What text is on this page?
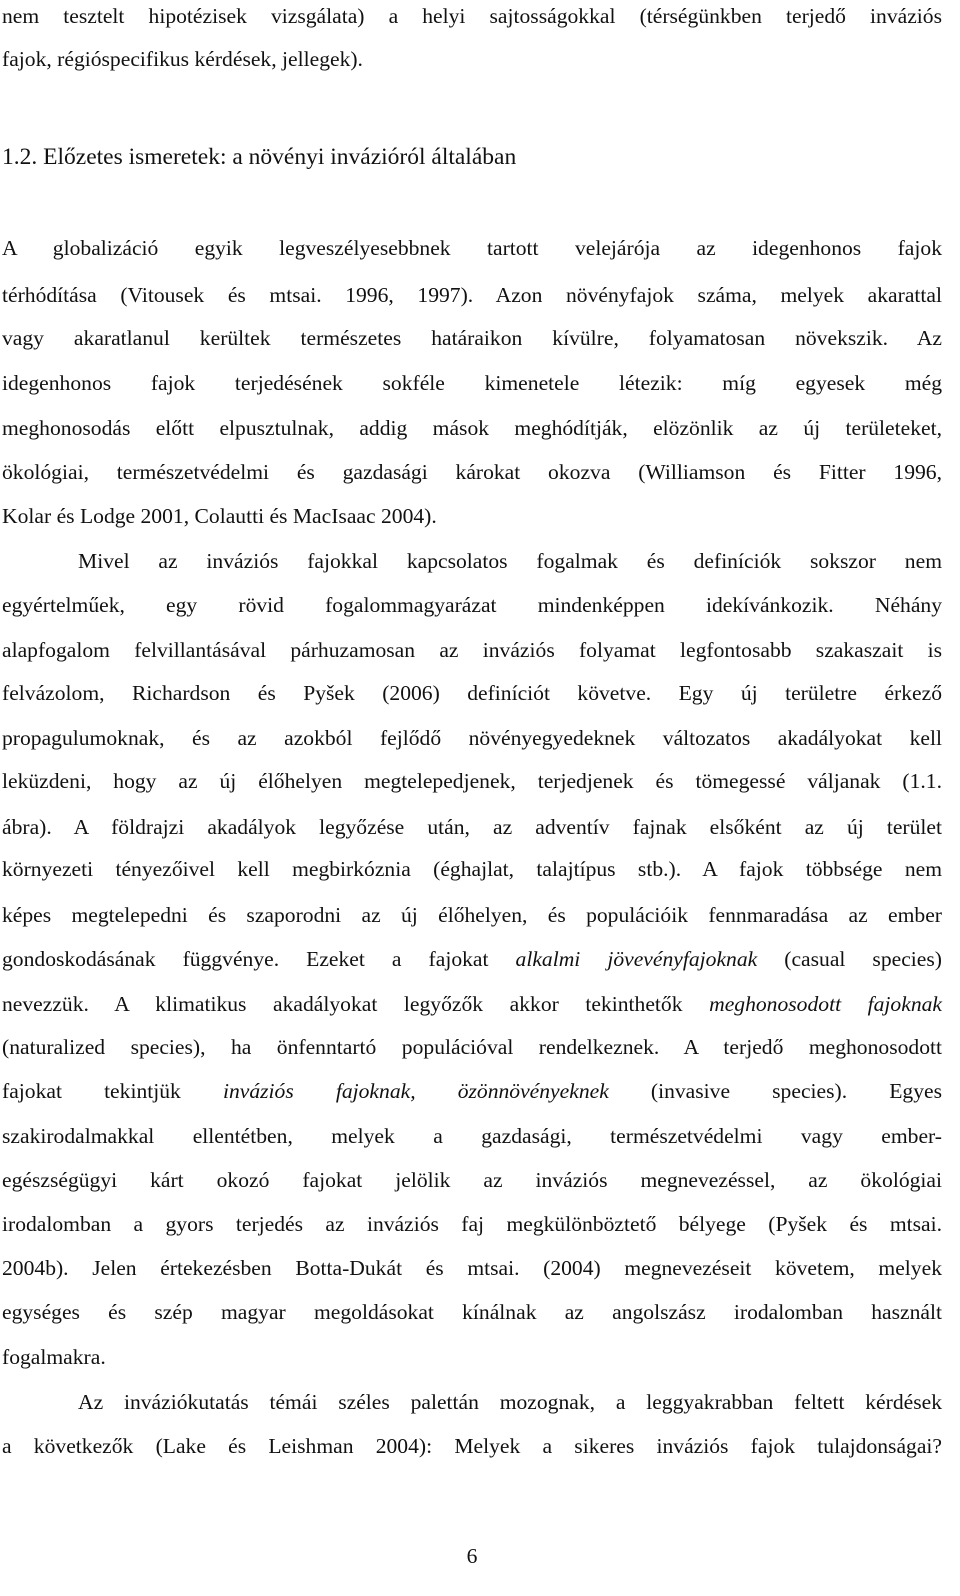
nem tesztelt hipotézisek vizsgálata) a helyi sajtosságokkal (térségünkben terjedő inváziós
fajok, régióspecifikus kérdések, jellegek).
1.2. Előzetes ismeretek: a növényi invázióról általában
A globalizáció egyik legveszélyesebbnek tartott velejárója az idegenhonos fajok
térhódítása (Vitousek és mtsai. 1996, 1997). Azon növényfajok száma, melyek akarattal
vagy akaratlanul kerültek természetes határaikon kívülre, folyamatosan növekszik. Az
idegenhonos fajok terjedésének sokféle kimenetele létezik: míg egyesek még
meghonosodás előtt elpusztulnak, addig mások meghódítják, elözönlik az új területeket,
ökológiai, természetvédelmi és gazdasági károkat okozva (Williamson és Fitter 1996,
Kolar és Lodge 2001, Colautti és MacIsaac 2004).
Mivel az inváziós fajokkal kapcsolatos fogalmak és definíciók sokszor nem
egyértelműek, egy rövid fogalommagyarázat mindenképpen idekívánkozik. Néhány
alapfogalom felvillantásával párhuzamosan az inváziós folyamat legfontosabb szakaszait is
felvázolom, Richardson és Pyšek (2006) definíciót követve. Egy új területre érkező
propagulumoknak, és az azokból fejlődő növényegyedeknek változatos akadályokat kell
leküzdeni, hogy az új élőhelyen megtelepedjenek, terjedjenek és tömegessé váljanak (1.1.
ábra). A földrajzi akadályok legyőzése után, az adventív fajnak elsőként az új terület
környezeti tényezőivel kell megbirkóznia (éghajlat, talajtípus stb.). A fajok többsége nem
képes megtelepedni és szaporodni az új élőhelyen, és populációik fennmaradása az ember
gondoskodásának függvénye. Ezeket a fajokat alkalmi jövevényfajoknak (casual species)
nevezzük. A klimatikus akadályokat legyőzők akkor tekinthetők meghonosodott fajoknak
(naturalized species), ha önfenntartó populációval rendelkeznek. A terjedő meghonosodott
fajokat tekintjük inváziós fajoknak, özönnövényeknek (invasive species). Egyes
szakirodalmakkal ellentétben, melyek a gazdasági, természetvédelmi vagy ember-
egészségügyi kárt okozó fajokat jelölik az inváziós megnevezéssel, az ökológiai
irodalomban a gyors terjedés az inváziós faj megkülönböztető bélyege (Pyšek és mtsai.
2004b). Jelen értekezésben Botta-Dukát és mtsai. (2004) megnevezéseit követem, melyek
egységes és szép magyar megoldásokat kínálnak az angolszász irodalomban használt
fogalmakra.
Az inváziókutatás témái széles palettán mozognak, a leggyakrabban feltett kérdések
a következők (Lake és Leishman 2004): Melyek a sikeres inváziós fajok tulajdonságai?
6
